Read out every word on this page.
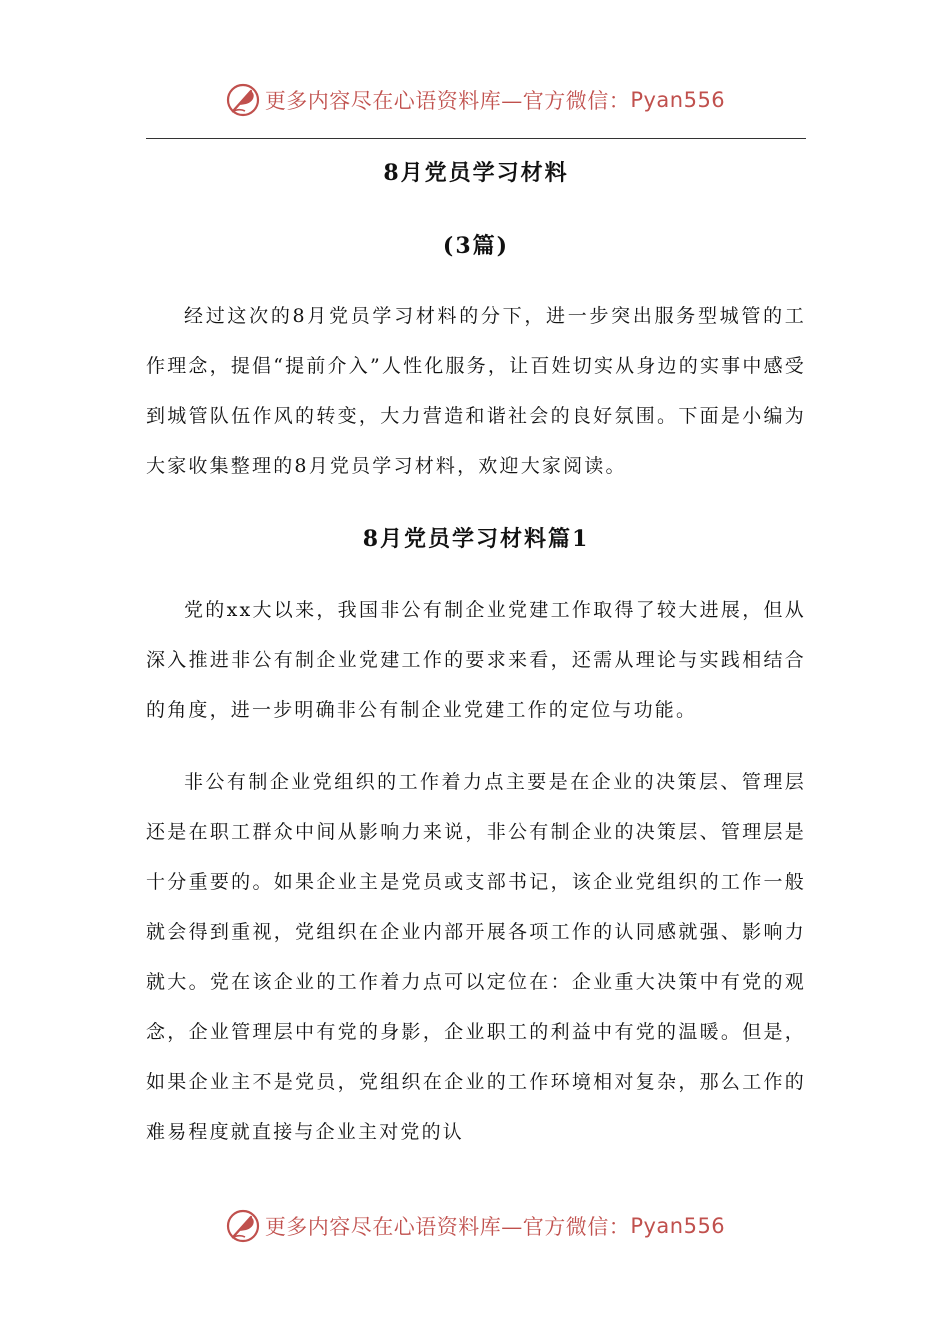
更多内容尽在心语资料库—官方微信： Pyan556
8月党员学习材料
(3篇)

经过这次的8月党员学习材料的分下，进一步突出服务型城管的工作理念，提倡“提前介入”人性化服务，让百姓切实从身边的实事中感受到城管队伍作风的转变，大力营造和谐社会的良好氛围。下面是小编为大家收集整理的8月党员学习材料，欢迎大家阅读。

8月党员学习材料篇1

党的xx大以来，我国非公有制企业党建工作取得了较大进展，但从深入推进非公有制企业党建工作的要求来看，还需从理论与实践相结合的角度，进一步明确非公有制企业党建工作的定位与功能。

非公有制企业党组织的工作着力点主要是在企业的决策层、管理层还是在职工群众中间从影响力来说，非公有制企业的决策层、管理层是十分重要的。如果企业主是党员或支部书记，该企业党组织的工作一般就会得到重视，党组织在企业内部开展各项工作的认同感就强、影响力就大。党在该企业的工作着力点可以定位在：企业重大决策中有党的观念，企业管理层中有党的身影，企业职工的利益中有党的温暖。但是，如果企业主不是党员，党组织在企业的工作环境相对复杂，那么工作的难易程度就直接与企业主对党的认

更多内容尽在心语资料库—官方微信： Pyan556
